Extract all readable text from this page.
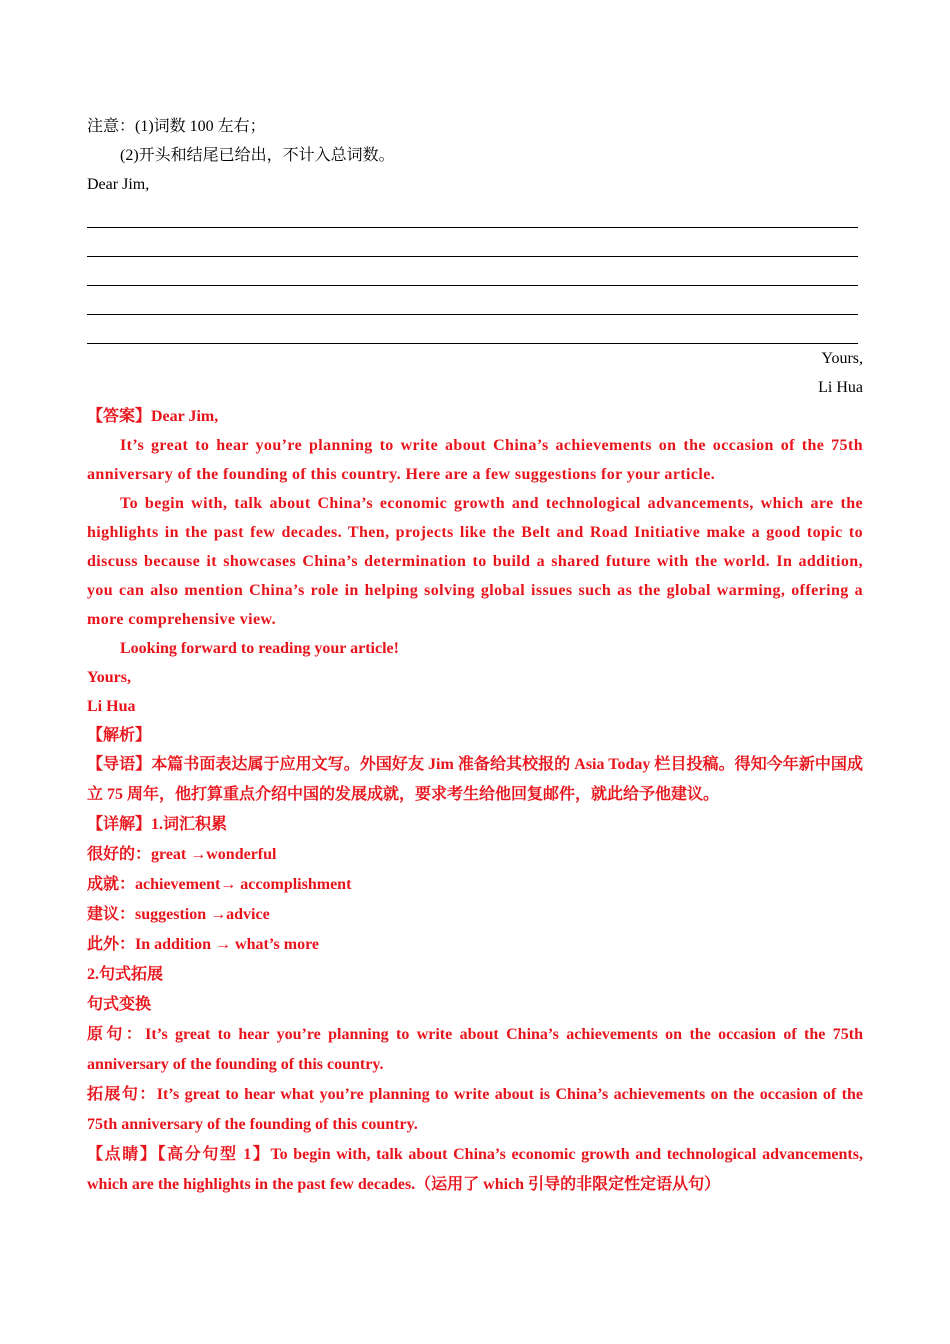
注意：(1)词数 100 左右；
(2)开头和结尾已给出，不计入总词数。
Dear Jim,
Yours,
Li Hua
【答案】Dear Jim,
It’s great to hear you’re planning to write about China’s achievements on the occasion of the 75th anniversary of the founding of this country. Here are a few suggestions for your article.
To begin with, talk about China’s economic growth and technological advancements, which are the highlights in the past few decades. Then, projects like the Belt and Road Initiative make a good topic to discuss because it showcases China’s determination to build a shared future with the world. In addition, you can also mention China’s role in helping solving global issues such as the global warming, offering a more comprehensive view.
Looking forward to reading your article!
Yours,
Li Hua
【解析】
【导语】本篇书面表达属于应用文写。外国好友 Jim 准备给其校报的 Asia Today 栏目投稿。得知今年新中国成立 75 周年，他打算重点介绍中国的发展成就，要求考生给他回复邮件，就此给予他建议。
【详解】1.词汇积累
很好的：great →wonderful
成就：achievement→ accomplishment
建议：suggestion →advice
此外：In addition → what’s more
2.句式拓展
句式变换
原句：It’s great to hear you’re planning to write about China’s achievements on the occasion of the 75th anniversary of the founding of this country.
拓展句：It’s great to hear what you’re planning to write about is China’s achievements on the occasion of the 75th anniversary of the founding of this country.
【点睛】【高分句型 1】To begin with, talk about China’s economic growth and technological advancements, which are the highlights in the past few decades.（运用了 which 引导的非限定性定语从句）
